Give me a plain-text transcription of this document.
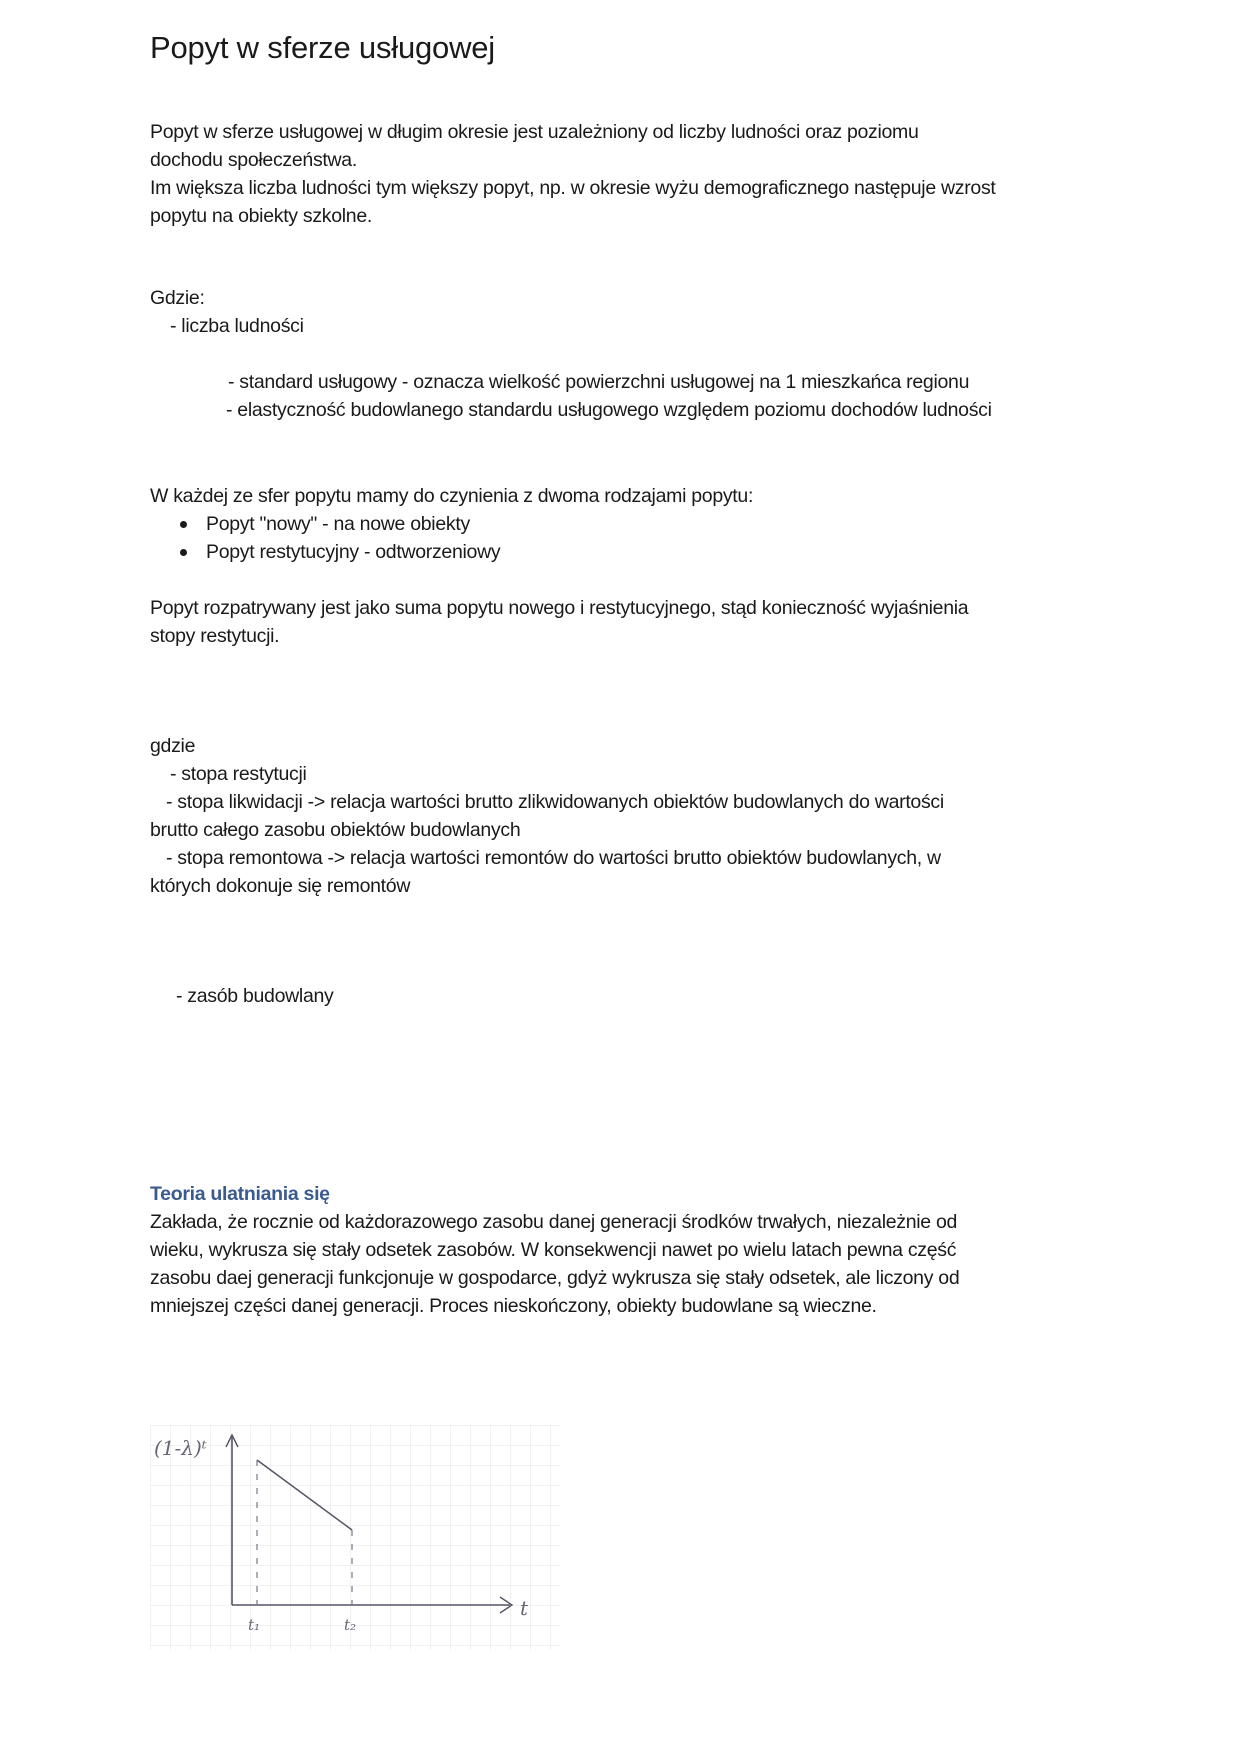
Popyt w sferze usługowej

Popyt w sferze usługowej w długim okresie jest uzależniony od liczby ludności oraz poziomu
dochodu społeczeństwa.
Im większa liczba ludności tym większy popyt, np. w okresie wyżu demograficznego następuje wzrost
popytu na obiekty szkolne.

Gdzie:

- liczba ludności

- standard usługowy - oznacza wielkość powierzchni usługowej na 1 mieszkańca regionu

- elastyczność budowlanego standardu usługowego względem poziomu dochodów ludności

W każdej ze sfer popytu mamy do czynienia z dwoma rodzajami popytu:

Popyt "nowy" - na nowe obiekty
Popyt restytucyjny - odtworzeniowy

Popyt rozpatrywany jest jako suma popytu nowego i restytucyjnego, stąd konieczność wyjaśnienia
stopy restytucji.

gdzie

- stopa restytucji

- stopa likwidacji -> relacja wartości brutto zlikwidowanych obiektów budowlanych do wartości

brutto całego zasobu obiektów budowlanych

- stopa remontowa -> relacja wartości remontów do wartości brutto obiektów budowlanych, w

których dokonuje się remontów

- zasób budowlany

Teoria ulatniania się

Zakłada, że rocznie od każdorazowego zasobu danej generacji środków trwałych, niezależnie od
wieku, wykrusza się stały odsetek zasobów. W konsekwencji nawet po wielu latach pewna część
zasobu daej generacji funkcjonuje w gospodarce, gdyż wykrusza się stały odsetek, ale liczony od
mniejszej części danej generacji. Proces nieskończony, obiekty budowlane są wieczne.

(1-λ)ᵗ
t
t₁	t₂
